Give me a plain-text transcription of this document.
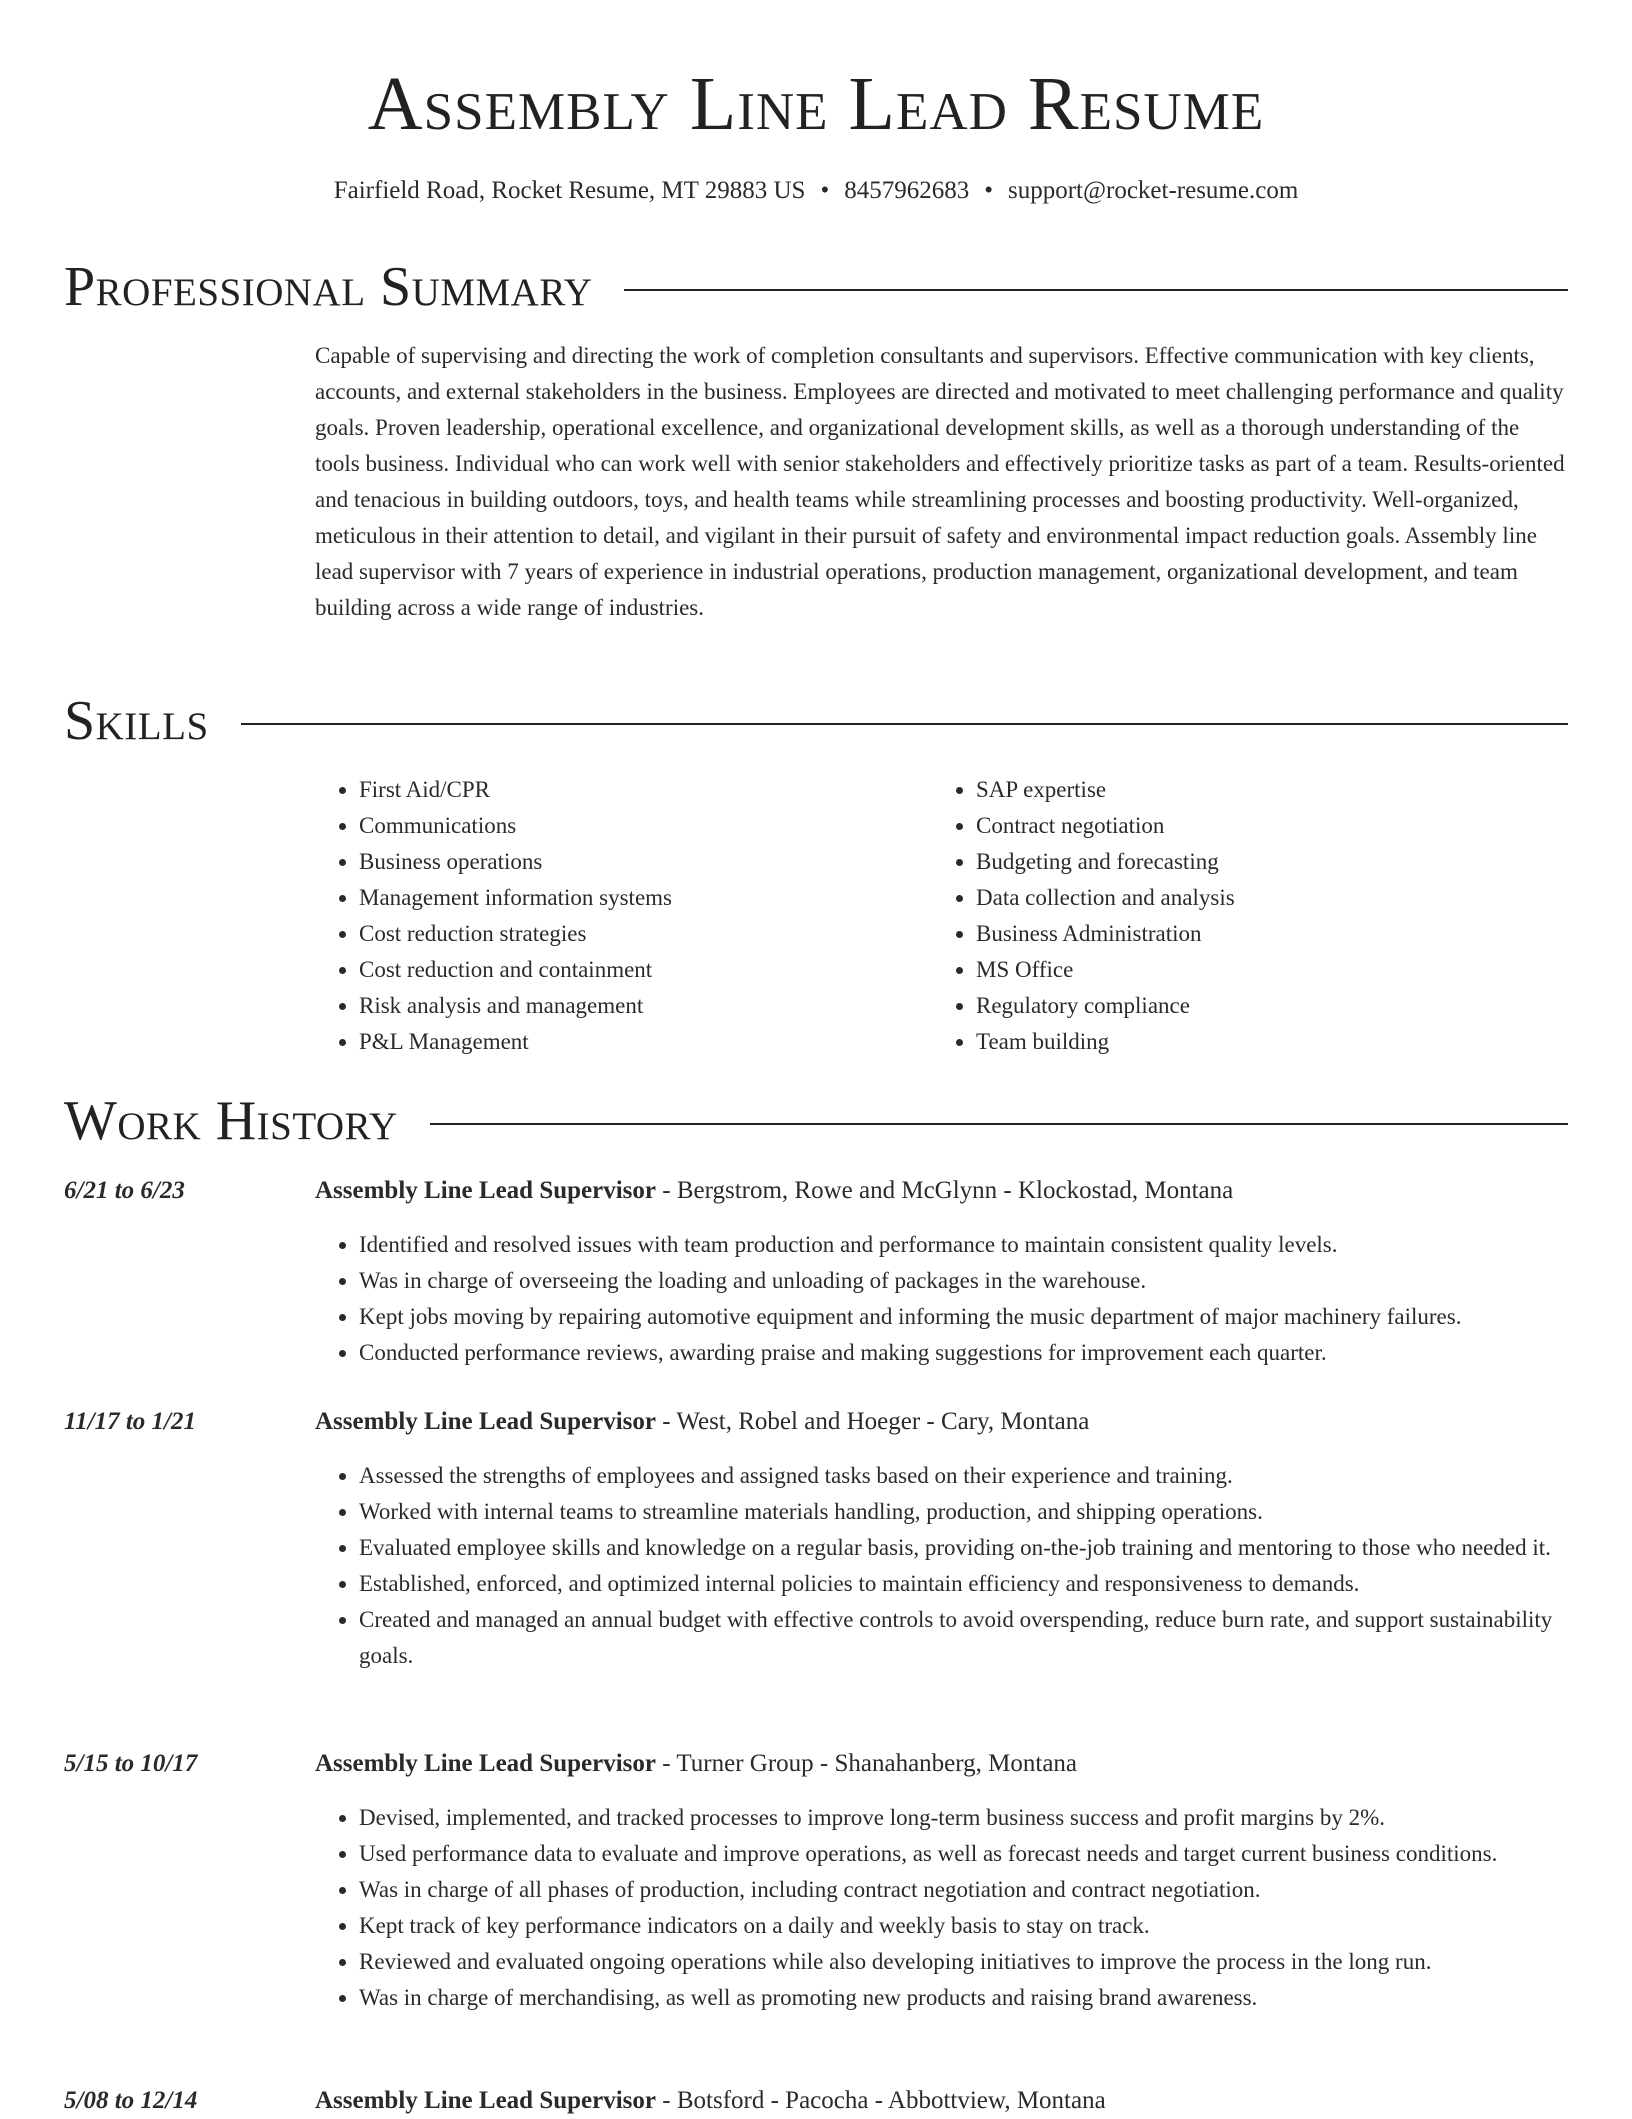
Assembly Line Lead Resume
Fairfield Road, Rocket Resume, MT 29883 US • 8457962683 • support@rocket-resume.com
Professional Summary

Capable of supervising and directing the work of completion consultants and supervisors. Effective communication with key clients, accounts, and external stakeholders in the business. Employees are directed and motivated to meet challenging performance and quality goals. Proven leadership, operational excellence, and organizational development skills, as well as a thorough understanding of the tools business. Individual who can work well with senior stakeholders and effectively prioritize tasks as part of a team. Results-oriented and tenacious in building outdoors, toys, and health teams while streamlining processes and boosting productivity. Well-organized, meticulous in their attention to detail, and vigilant in their pursuit of safety and environmental impact reduction goals. Assembly line lead supervisor with 7 years of experience in industrial operations, production management, organizational development, and team building across a wide range of industries.

Skills
• First Aid/CPR
• Communications
• Business operations
• Management information systems
• Cost reduction strategies
• Cost reduction and containment
• Risk analysis and management
• P&L Management
• SAP expertise
• Contract negotiation
• Budgeting and forecasting
• Data collection and analysis
• Business Administration
• MS Office
• Regulatory compliance
• Team building
Work History
6/21 to 6/23	Assembly Line Lead Supervisor - Bergstrom, Rowe and McGlynn - Klockostad, Montana
• Identified and resolved issues with team production and performance to maintain consistent quality levels.
• Was in charge of overseeing the loading and unloading of packages in the warehouse.
• Kept jobs moving by repairing automotive equipment and informing the music department of major machinery failures.
• Conducted performance reviews, awarding praise and making suggestions for improvement each quarter.
11/17 to 1/21	Assembly Line Lead Supervisor - West, Robel and Hoeger - Cary, Montana
• Assessed the strengths of employees and assigned tasks based on their experience and training.
• Worked with internal teams to streamline materials handling, production, and shipping operations.
• Evaluated employee skills and knowledge on a regular basis, providing on-the-job training and mentoring to those who needed it.
• Established, enforced, and optimized internal policies to maintain efficiency and responsiveness to demands.
• Created and managed an annual budget with effective controls to avoid overspending, reduce burn rate, and support sustainability goals.
5/15 to 10/17	Assembly Line Lead Supervisor - Turner Group - Shanahanberg, Montana
• Devised, implemented, and tracked processes to improve long-term business success and profit margins by 2%.
• Used performance data to evaluate and improve operations, as well as forecast needs and target current business conditions.
• Was in charge of all phases of production, including contract negotiation and contract negotiation.
• Kept track of key performance indicators on a daily and weekly basis to stay on track.
• Reviewed and evaluated ongoing operations while also developing initiatives to improve the process in the long run.
• Was in charge of merchandising, as well as promoting new products and raising brand awareness.
5/08 to 12/14	Assembly Line Lead Supervisor - Botsford - Pacocha - Abbottview, Montana
